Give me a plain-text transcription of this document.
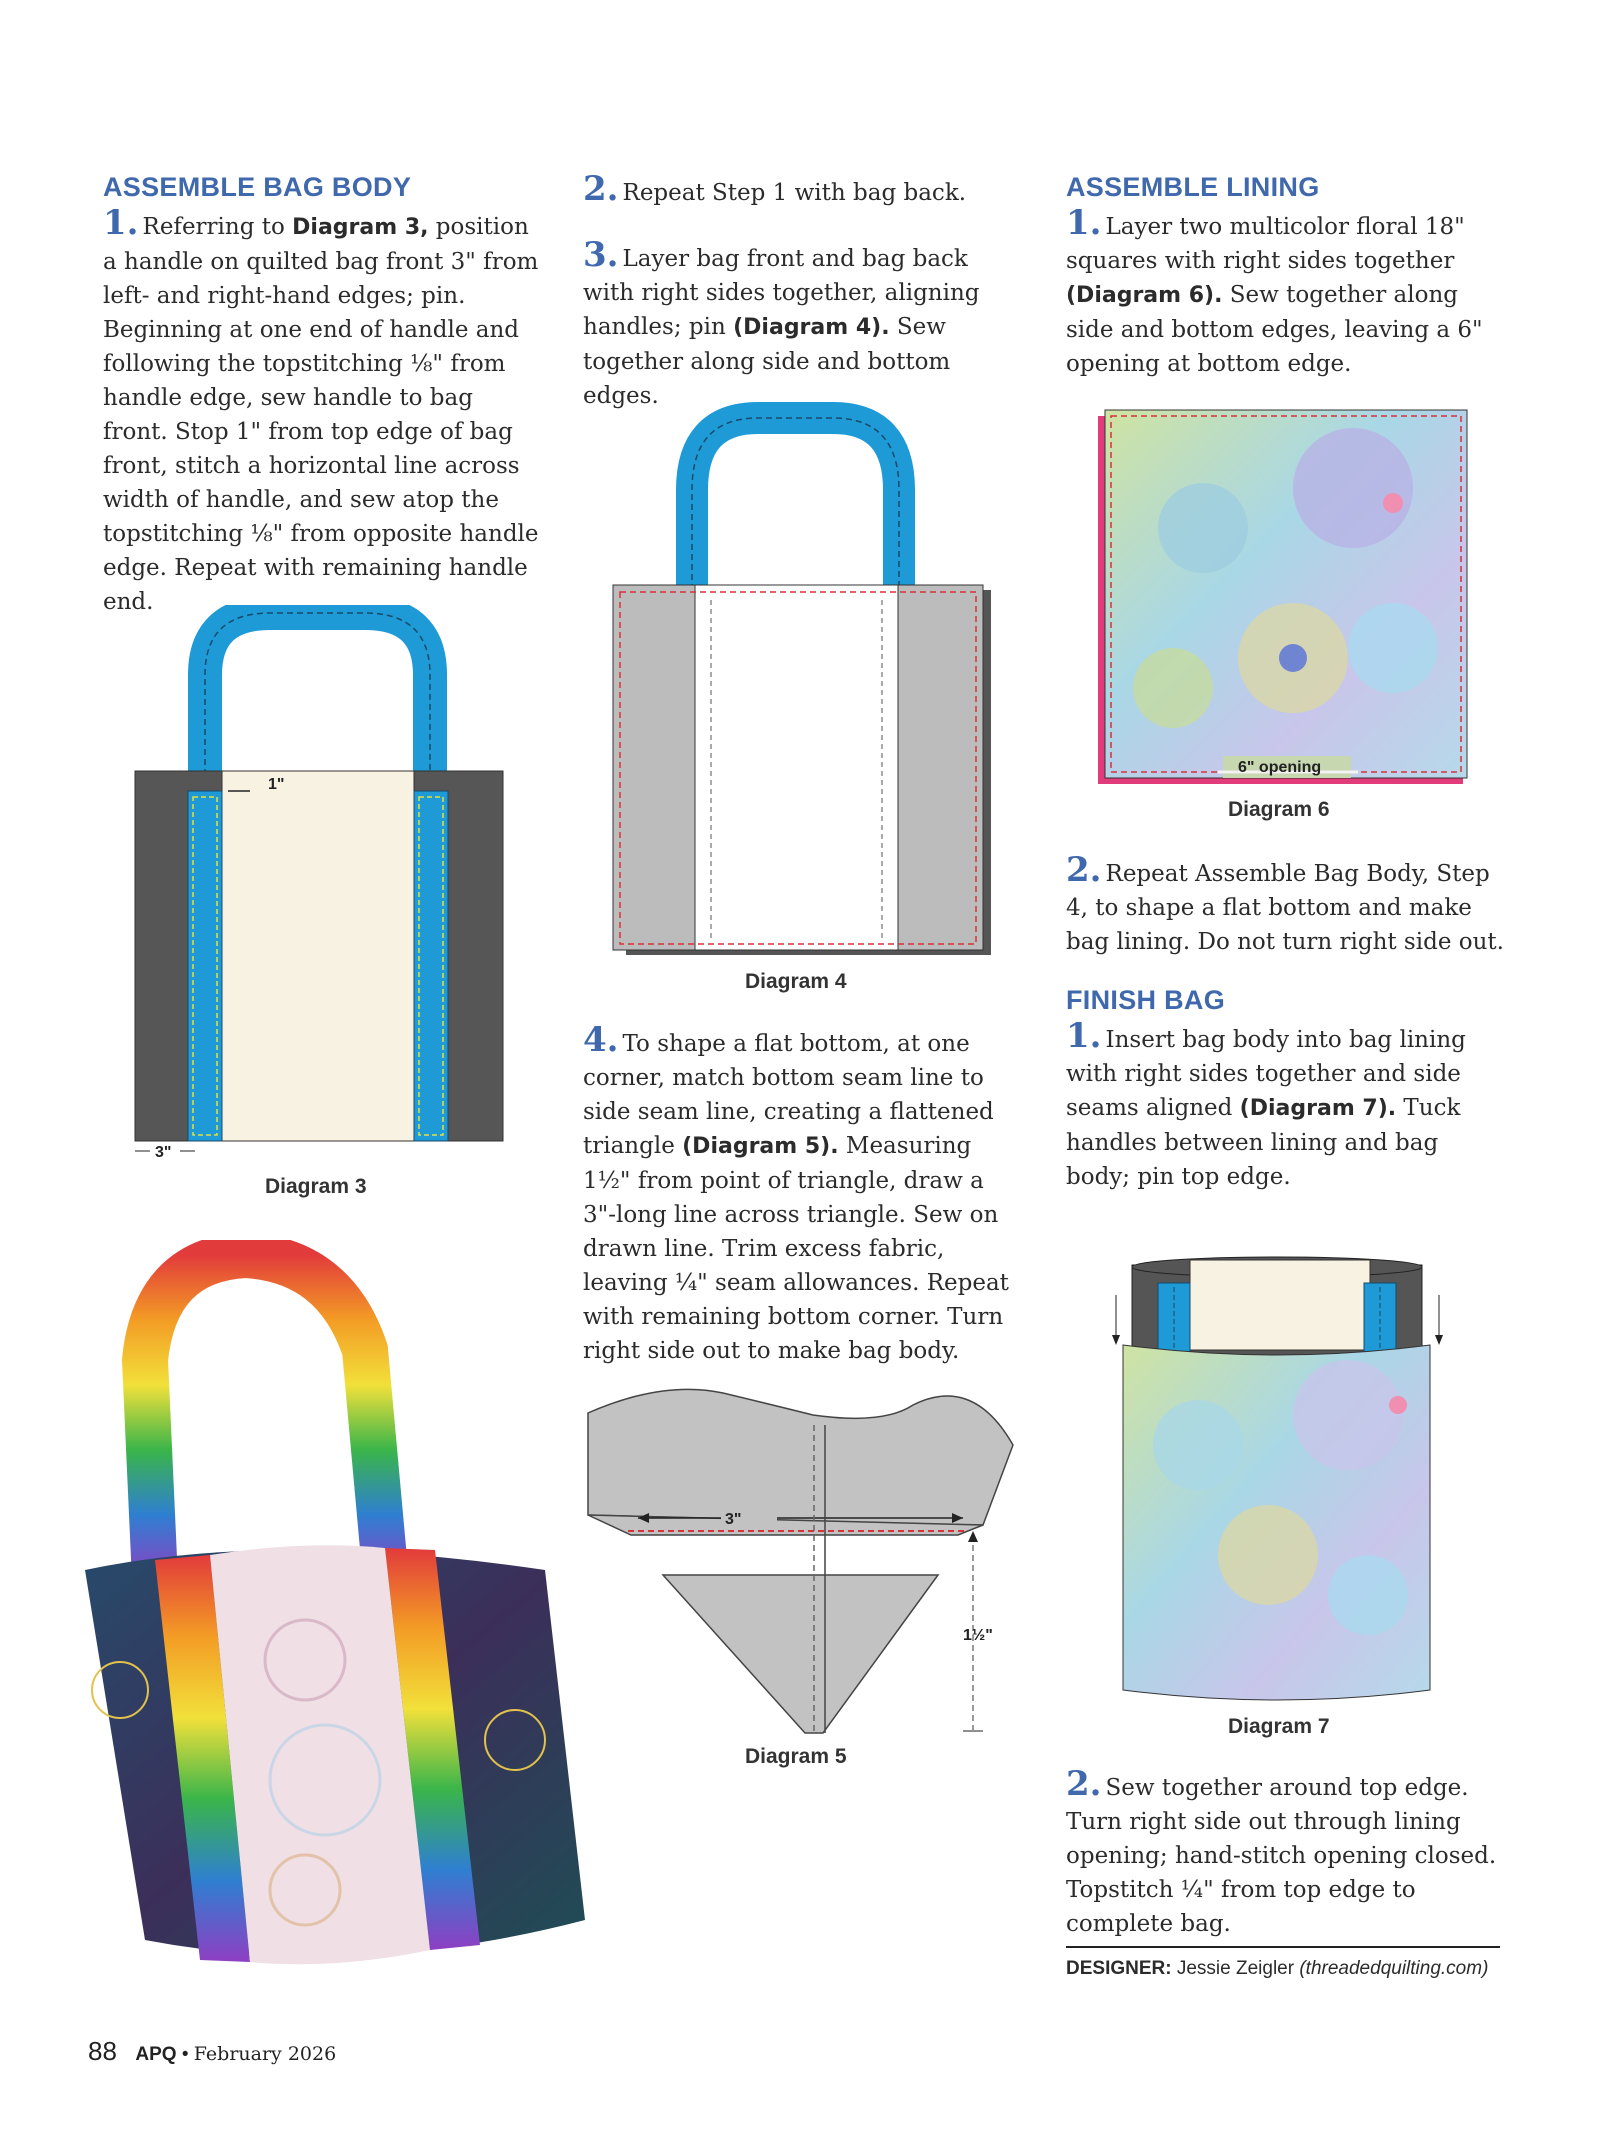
ASSEMBLE BAG BODY

1. Referring to Diagram 3, position a handle on quilted bag front 3" from left- and right-hand edges; pin. Beginning at one end of handle and following the topstitching ⅛" from handle edge, sew handle to bag front. Stop 1" from top edge of bag front, stitch a horizontal line across width of handle, and sew atop the topstitching ⅛" from opposite handle edge. Repeat with remaining handle end.

2. Repeat Step 1 with bag back.

3. Layer bag front and bag back with right sides together, aligning handles; pin (Diagram 4). Sew together along side and bottom edges.

4. To shape a flat bottom, at one corner, match bottom seam line to side seam line, creating a flattened triangle (Diagram 5). Measuring 1½" from point of triangle, draw a 3"-long line across triangle. Sew on drawn line. Trim excess fabric, leaving ¼" seam allowances. Repeat with remaining bottom corner. Turn right side out to make bag body.

ASSEMBLE LINING

1. Layer two multicolor floral 18" squares with right sides together (Diagram 6). Sew together along side and bottom edges, leaving a 6" opening at bottom edge.

2. Repeat Assemble Bag Body, Step 4, to shape a flat bottom and make bag lining. Do not turn right side out.

FINISH BAG

1. Insert bag body into bag lining with right sides together and side seams aligned (Diagram 7). Tuck handles between lining and bag body; pin top edge.

2. Sew together around top edge. Turn right side out through lining opening; hand-stitch opening closed. Topstitch ¼" from top edge to complete bag.

DESIGNER: Jessie Zeigler (threadedquilting.com)
1"
3"
Diagram 3
Diagram 4
3"
1½"
Diagram 5
6" opening
Diagram 6
Diagram 7
88 APQ • February 2026
